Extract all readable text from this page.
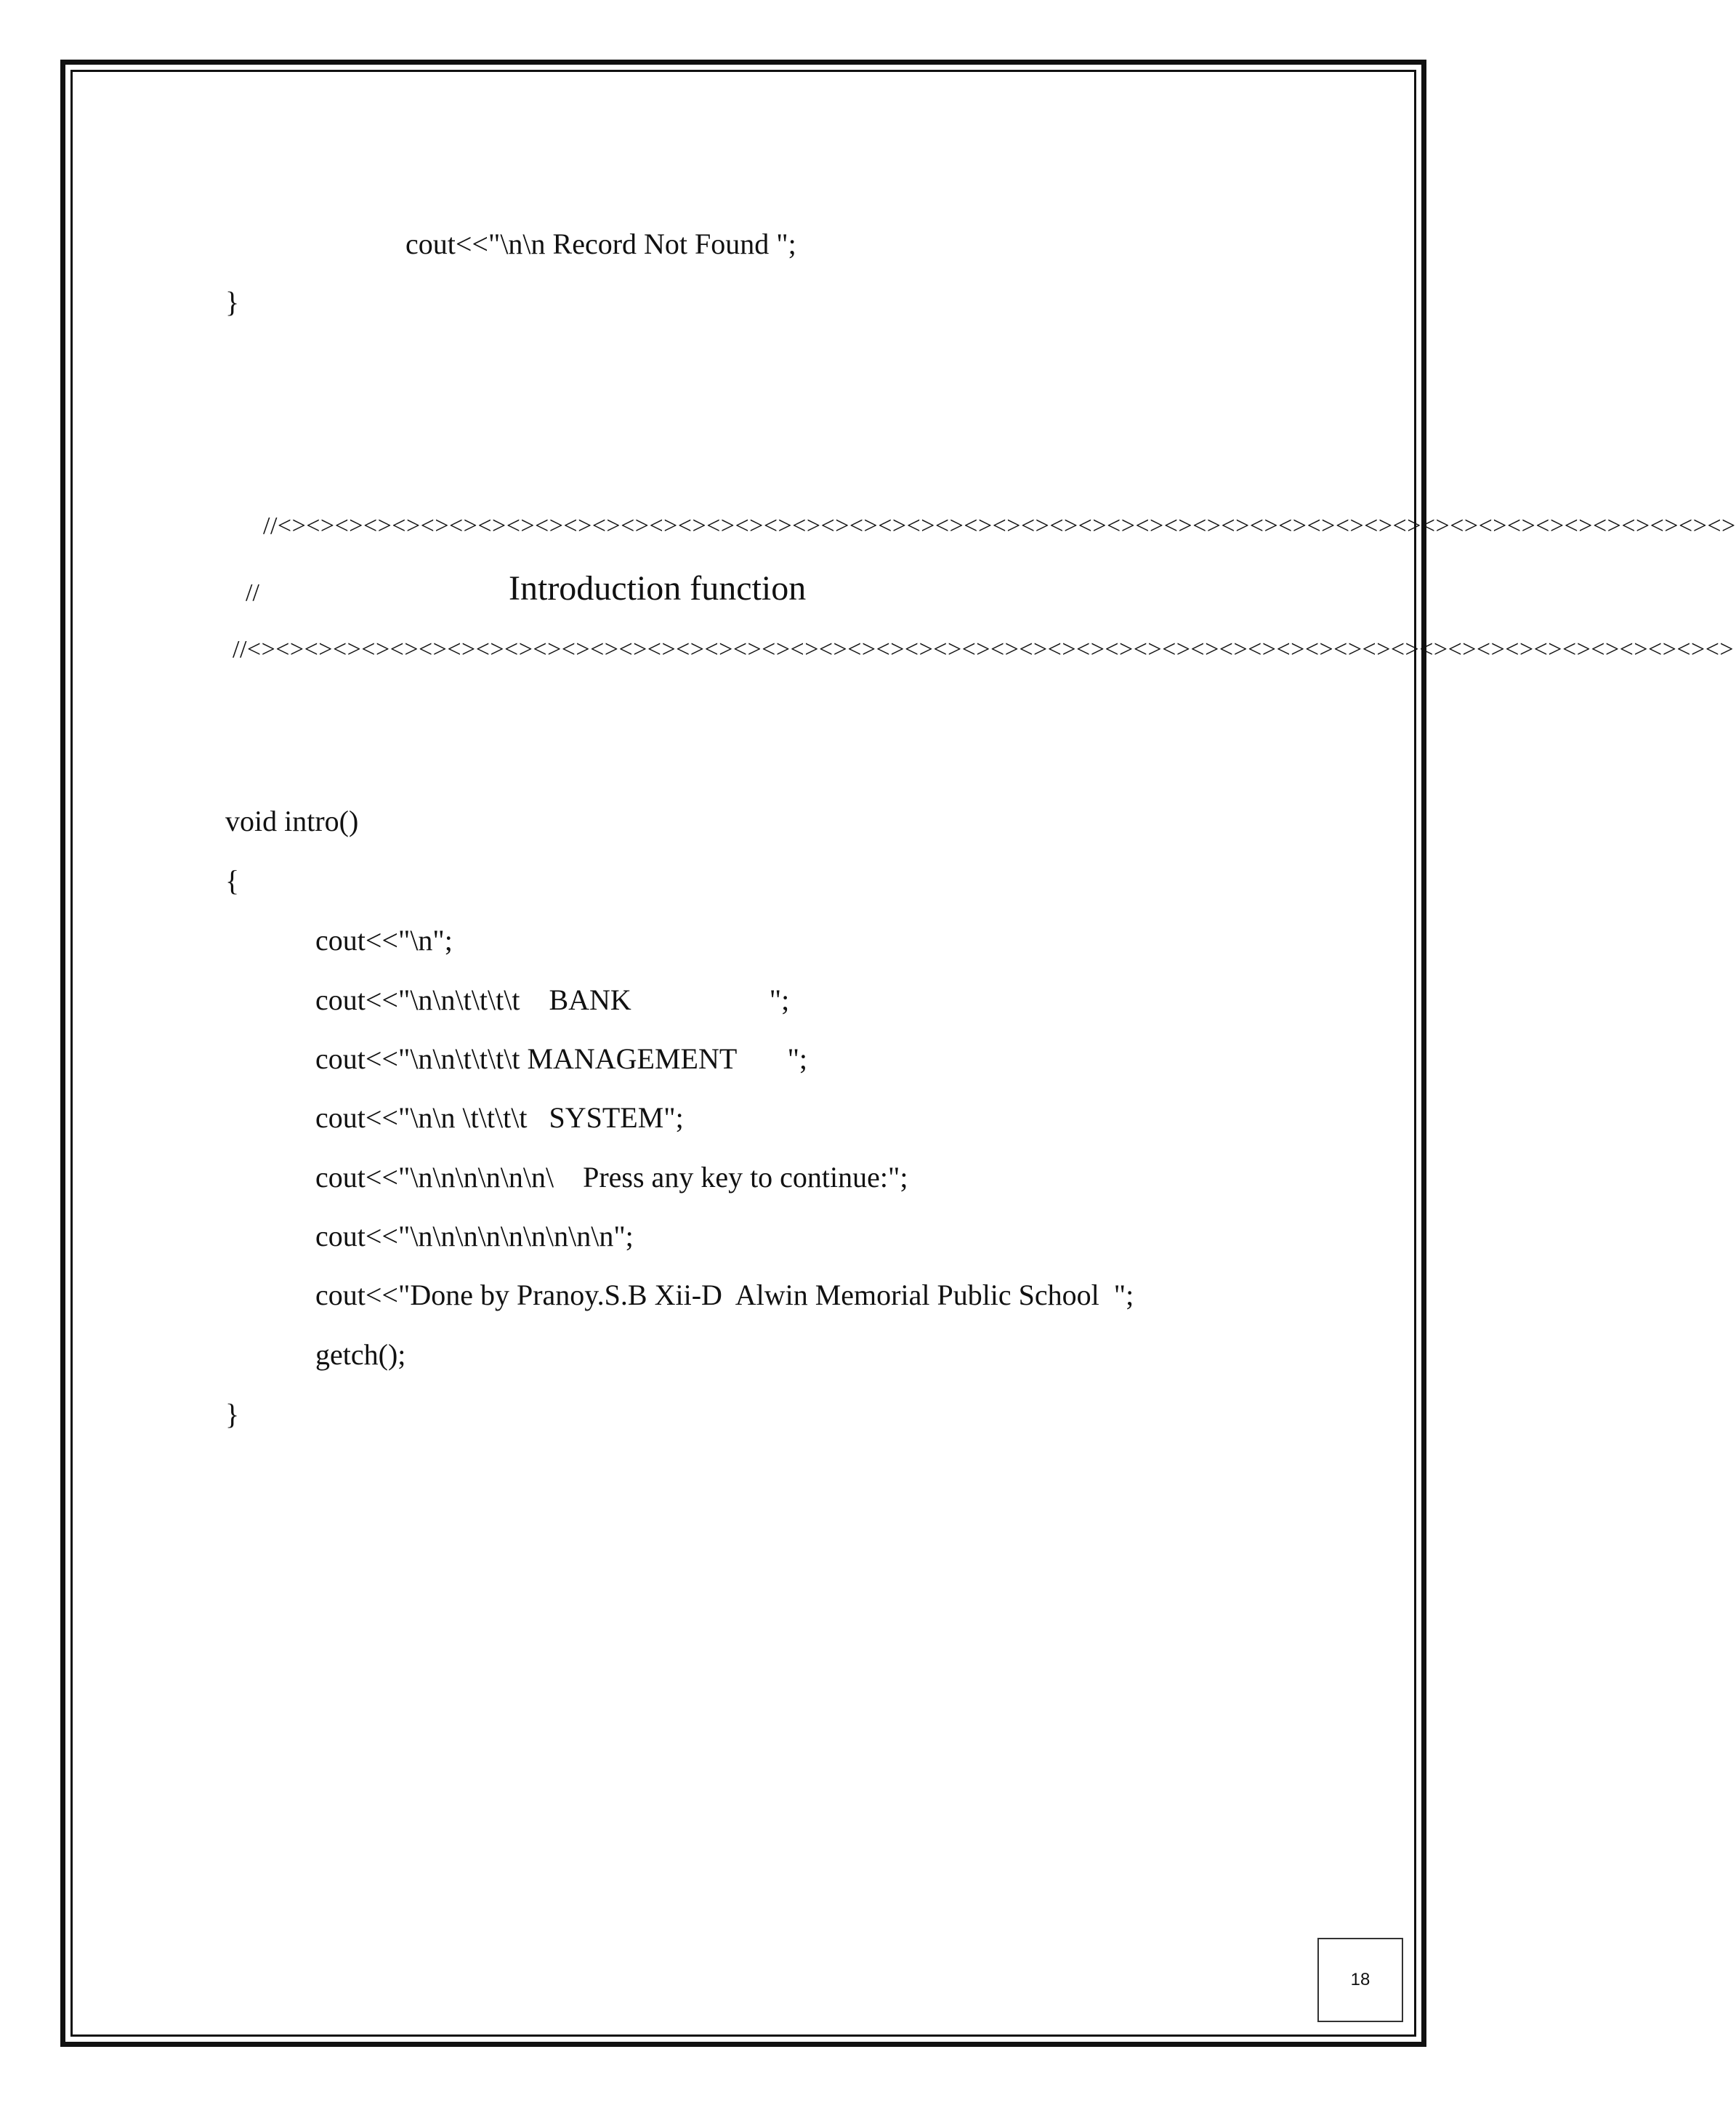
cout<<"\n\n Record Not Found ";
}
//<><><><><><><><><><><><><><><><><><><><><><><><><><><><><><><><><><><><><><><><><><><><><><><><><><><>
//	Introduction function
//<><><><><><><><><><><><><><><><><><><><><><><><><><><><><><><><><><><><><><><><><><><><><><><><><><><><>
void intro()
{
cout<<"\n";
cout<<"\n\n\t\t\t\t    BANK                   ";
cout<<"\n\n\t\t\t\t MANAGEMENT       ";
cout<<"\n\n \t\t\t\t   SYSTEM";
cout<<"\n\n\n\n\n\n\    Press any key to continue:";
cout<<"\n\n\n\n\n\n\n\n\n";
cout<<"Done by Pranoy.S.B Xii-D  Alwin Memorial Public School  ";
getch();
}
18
